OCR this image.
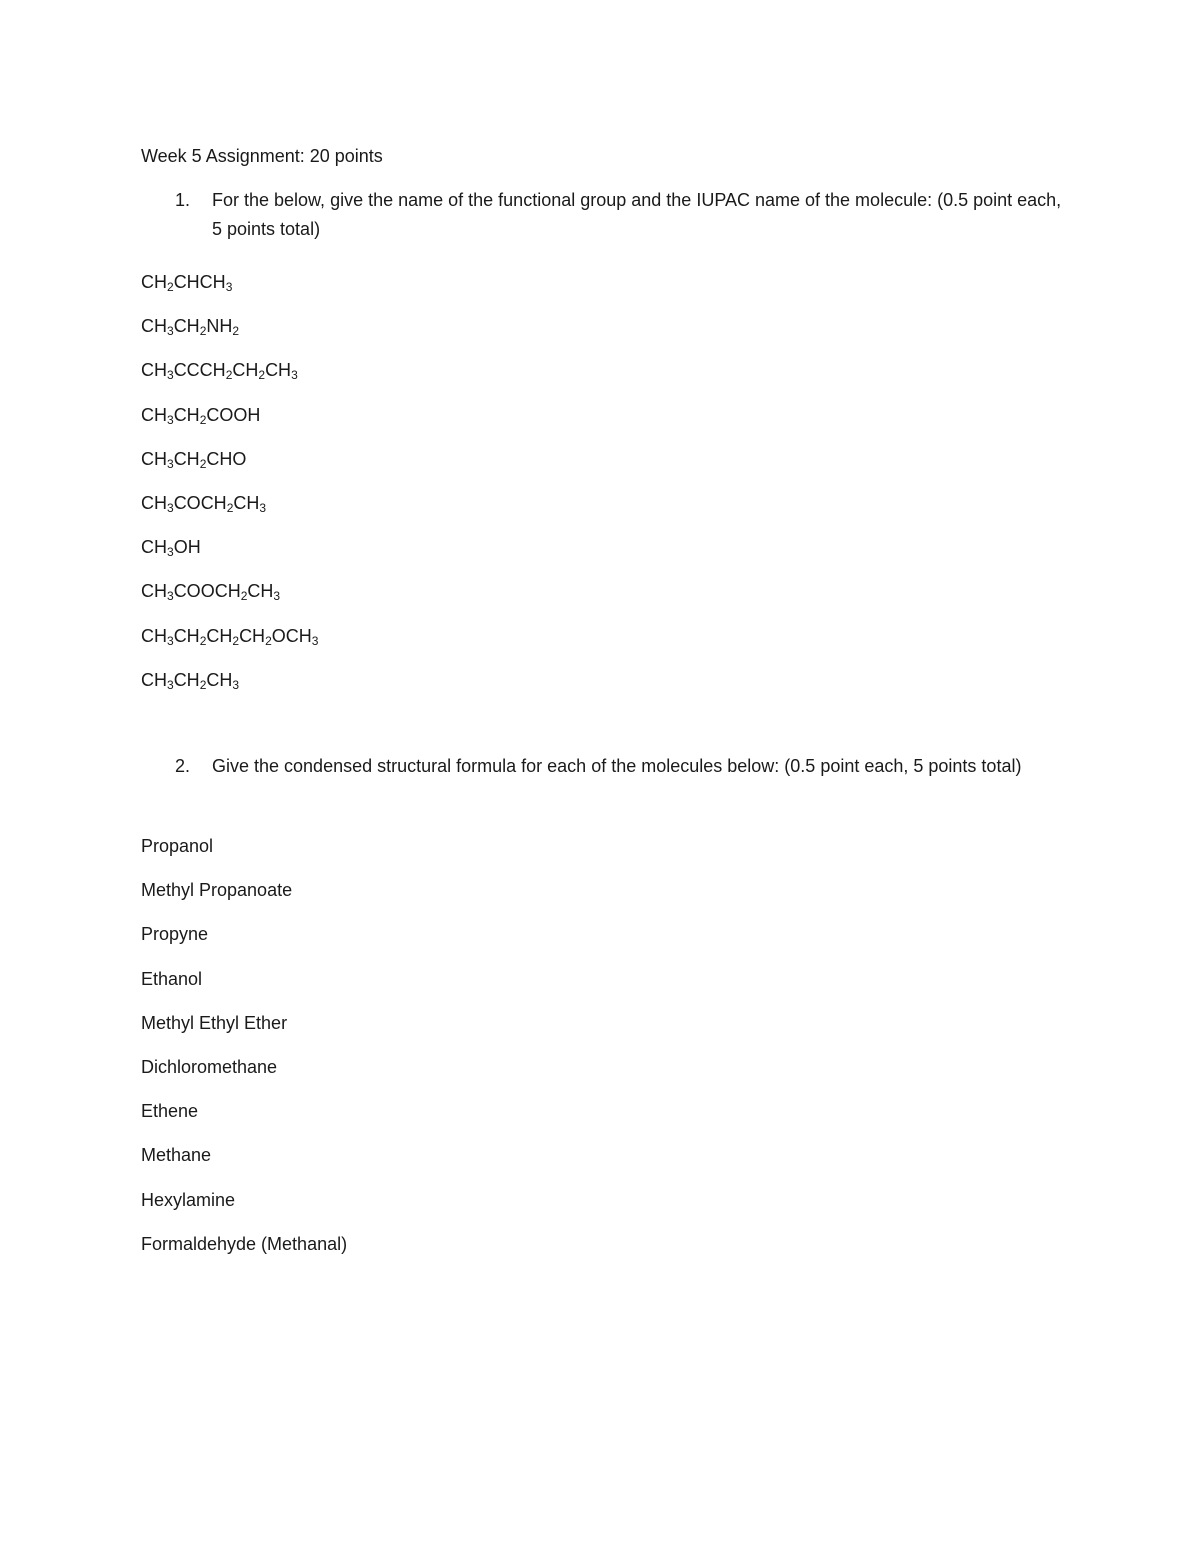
Week 5 Assignment: 20 points
1.	For the below, give the name of the functional group and the IUPAC name of the molecule: (0.5 point each, 5 points total)
$CH_2CHCH_3$
$CH_3CH_2NH_2$
$CH_3CCCH_2CH_2CH_3$
$CH_3CH_2COOH$
$CH_3CH_2CHO$
$CH_3COCH_2CH_3$
$CH_3OH$
$CH_3COOCH_2CH_3$
$CH_3CH_2CH_2CH_2OCH_3$
$CH_3CH_2CH_3$
2.	Give the condensed structural formula for each of the molecules below: (0.5 point each, 5 points total)
Propanol
Methyl Propanoate
Propyne
Ethanol
Methyl Ethyl Ether
Dichloromethane
Ethene
Methane
Hexylamine
Formaldehyde (Methanal)
